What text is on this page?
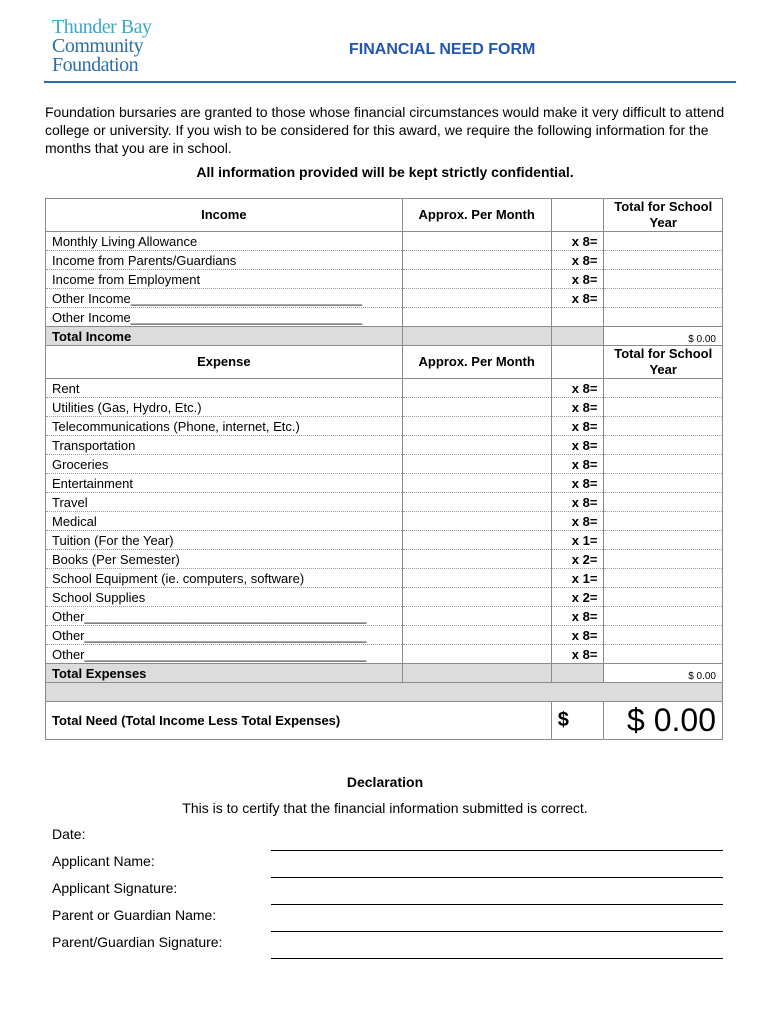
Thunder Bay
Community
Foundation
FINANCIAL NEED FORM
Foundation bursaries are granted to those whose financial circumstances would make it very difficult to attend college or university. If you wish to be considered for this award, we require the following information for the months that you are in school.
All information provided will be kept strictly confidential.
Income	Approx. Per Month		Total for School Year
Monthly Living Allowance		x 8=	
Income from Parents/Guardians		x 8=	
Income from Employment		x 8=	
Other Income________________________________		x 8=	
Other Income________________________________			
Total Income			$ 0.00
Expense	Approx. Per Month		Total for School Year
Rent		x 8=	
Utilities (Gas, Hydro, Etc.)		x 8=	
Telecommunications (Phone, internet, Etc.)		x 8=	
Transportation		x 8=	
Groceries		x 8=	
Entertainment		x 8=	
Travel		x 8=	
Medical		x 8=	
Tuition (For the Year)		x 1=	
Books (Per Semester)		x 2=	
School Equipment (ie. computers, software)		x 1=	
School Supplies		x 2=	
Other_______________________________________		x 8=	
Other_______________________________________		x 8=	
Other_______________________________________		x 8=	
Total Expenses			$ 0.00

Total Need (Total Income Less Total Expenses)		$	$ 0.00
Declaration
This is to certify that the financial information submitted is correct.
Date:
Applicant Name:
Applicant Signature:
Parent or Guardian Name:
Parent/Guardian Signature:
